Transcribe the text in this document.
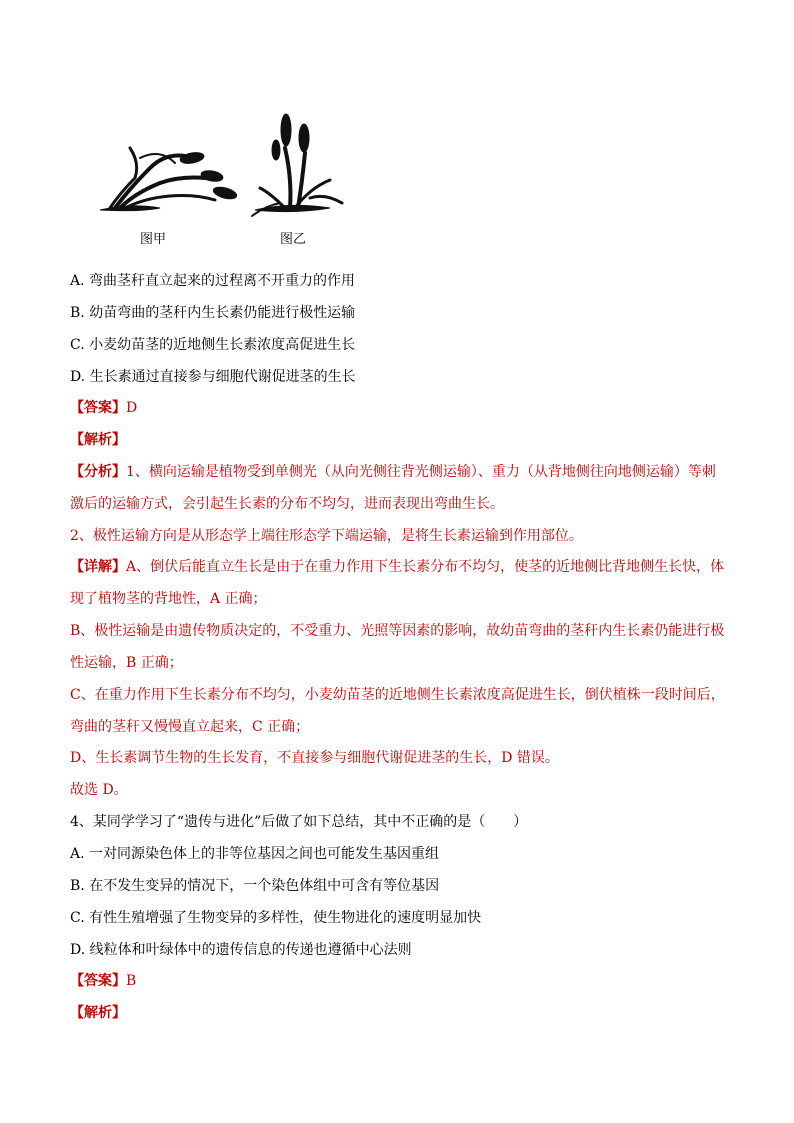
图甲	图乙
A. 弯曲茎秆直立起来的过程离不开重力的作用
B. 幼苗弯曲的茎秆内生长素仍能进行极性运输
C. 小麦幼苗茎的近地侧生长素浓度高促进生长
D. 生长素通过直接参与细胞代谢促进茎的生长
【答案】D
【解析】
【分析】1、横向运输是植物受到单侧光（从向光侧往背光侧运输）、重力（从背地侧往向地侧运输）等刺
激后的运输方式，会引起生长素的分布不均匀，进而表现出弯曲生长。
2、极性运输方向是从形态学上端往形态学下端运输，是将生长素运输到作用部位。
【详解】A、倒伏后能直立生长是由于在重力作用下生长素分布不均匀，使茎的近地侧比背地侧生长快，体
现了植物茎的背地性，A 正确；
B、极性运输是由遗传物质决定的，不受重力、光照等因素的影响，故幼苗弯曲的茎秆内生长素仍能进行极
性运输，B 正确；
C、在重力作用下生长素分布不均匀，小麦幼苗茎的近地侧生长素浓度高促进生长，倒伏植株一段时间后，
弯曲的茎秆又慢慢直立起来，C 正确；
D、生长素调节生物的生长发育，不直接参与细胞代谢促进茎的生长，D 错误。
故选 D。
4、某同学学习了“遗传与进化”后做了如下总结，其中不正确的是（　　）
A. 一对同源染色体上的非等位基因之间也可能发生基因重组
B. 在不发生变异的情况下，一个染色体组中可含有等位基因
C. 有性生殖增强了生物变异的多样性，使生物进化的速度明显加快
D. 线粒体和叶绿体中的遗传信息的传递也遵循中心法则
【答案】B
【解析】
